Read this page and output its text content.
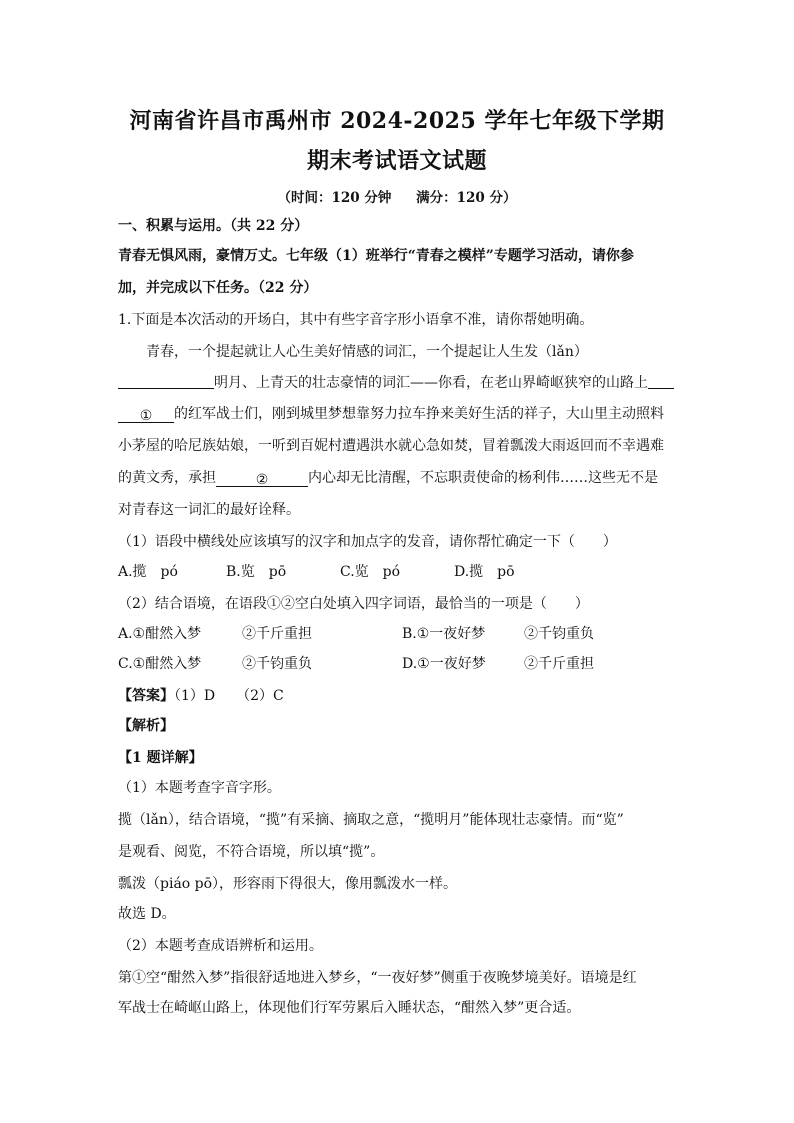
河南省许昌市禹州市 2024-2025 学年七年级下学期
期末考试语文试题
（时间：120 分钟 满分：120 分）
一、积累与运用。（共 22 分）
青春无惧风雨，豪情万丈。七年级（1）班举行“青春之模样”专题学习活动，请你参
加，并完成以下任务。（22 分）
1.下面是本次活动的开场白，其中有些字音字形小语拿不准，请你帮她明确。
青春，一个提起就让人心生美好情感的词汇，一个提起让人生发（lǎn）
明月、上青天的壮志豪情的词汇——你看，在老山界崎岖狭窄的山路上
① 的红军战士们，刚到城里梦想靠努力拉车挣来美好生活的祥子，大山里主动照料
小茅屋的哈尼族姑娘，一听到百妮村遭遇洪水就心急如焚，冒着瓢泼大雨返回而不幸遇难
的黄文秀，承担	②	内心却无比清醒，不忘职责使命的杨利伟……这些无不是
对青春这一词汇的最好诠释。
（1）语段中横线处应该填写的汉字和加点字的发音，请你帮忙确定一下（　　）
A.揽　pó	B.览　pō	C.览　pó	D.揽　pō
（2）结合语境，在语段①②空白处填入四字词语，最恰当的一项是（　　）
A.①酣然入梦	②千斤重担	B.①一夜好梦	②千钧重负
C.①酣然入梦	②千钧重负	D.①一夜好梦	②千斤重担
【答案】（1）D　　（2）C
【解析】
【1 题详解】
（1）本题考查字音字形。
揽（lǎn），结合语境，“揽”有采摘、摘取之意，“揽明月”能体现壮志豪情。而“览”
是观看、阅览，不符合语境，所以填“揽”。
瓢泼（piáo pō），形容雨下得很大，像用瓢泼水一样。
故选 D。
（2）本题考查成语辨析和运用。
第①空“酣然入梦”指很舒适地进入梦乡，“一夜好梦”侧重于夜晚梦境美好。语境是红
军战士在崎岖山路上，体现他们行军劳累后入睡状态，“酣然入梦”更合适。
